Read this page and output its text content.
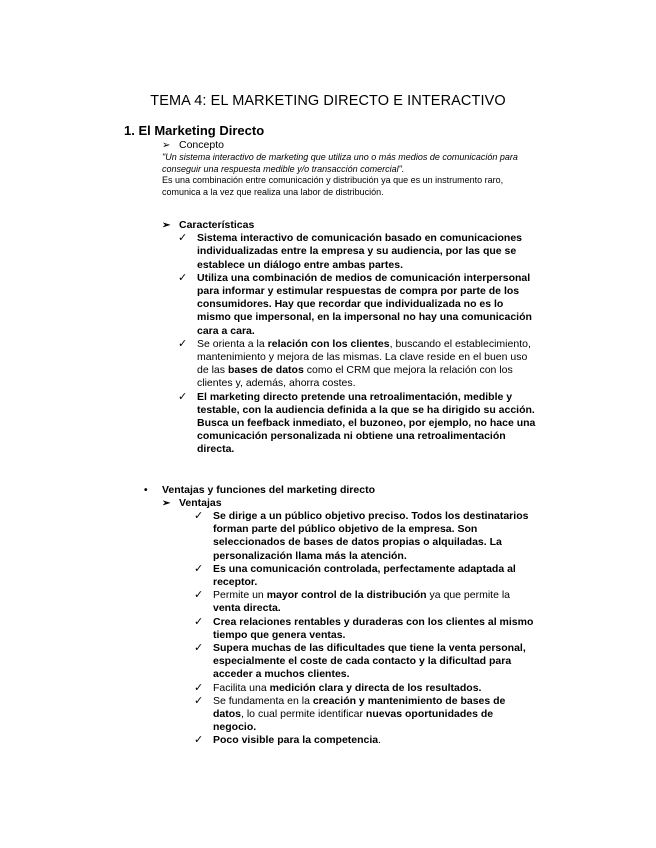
TEMA 4: EL MARKETING DIRECTO E INTERACTIVO
1. El Marketing Directo
➢ Concepto
"Un sistema interactivo de marketing que utiliza uno o más medios de comunicación para conseguir una respuesta medible y/o transacción comercial".
Es una combinación entre comunicación y distribución ya que es un instrumento raro, comunica a la vez que realiza una labor de distribución.
➢ Características
✓ Sistema interactivo de comunicación basado en comunicaciones individualizadas entre la empresa y su audiencia, por las que se establece un diálogo entre ambas partes.
✓ Utiliza una combinación de medios de comunicación interpersonal para informar y estimular respuestas de compra por parte de los consumidores. Hay que recordar que individualizada no es lo mismo que impersonal, en la impersonal no hay una comunicación cara a cara.
✓ Se orienta a la relación con los clientes, buscando el establecimiento, mantenimiento y mejora de las mismas. La clave reside en el buen uso de las bases de datos como el CRM que mejora la relación con los clientes y, además, ahorra costes.
✓ El marketing directo pretende una retroalimentación, medible y testable, con la audiencia definida a la que se ha dirigido su acción. Busca un feefback inmediato, el buzoneo, por ejemplo, no hace una comunicación personalizada ni obtiene una retroalimentación directa.
• Ventajas y funciones del marketing directo
➢ Ventajas
✓ Se dirige a un público objetivo preciso. Todos los destinatarios forman parte del público objetivo de la empresa. Son seleccionados de bases de datos propias o alquiladas. La personalización llama más la atención.
✓ Es una comunicación controlada, perfectamente adaptada al receptor.
✓ Permite un mayor control de la distribución ya que permite la venta directa.
✓ Crea relaciones rentables y duraderas con los clientes al mismo tiempo que genera ventas.
✓ Supera muchas de las dificultades que tiene la venta personal, especialmente el coste de cada contacto y la dificultad para acceder a muchos clientes.
✓ Facilita una medición clara y directa de los resultados.
✓ Se fundamenta en la creación y mantenimiento de bases de datos, lo cual permite identificar nuevas oportunidades de negocio.
✓ Poco visible para la competencia.
